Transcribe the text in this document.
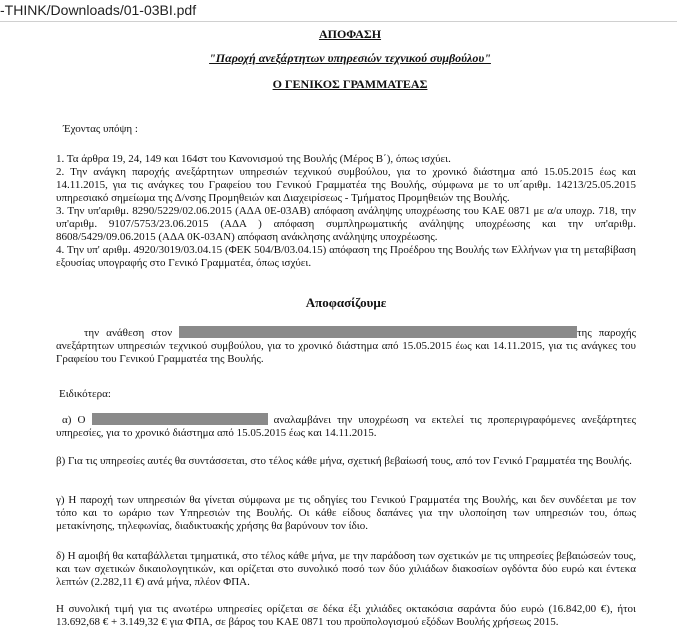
-THINK/Downloads/01-03BI.pdf
ΑΠΟΦΑΣΗ
"Παροχή ανεξάρτητων υπηρεσιών τεχνικού συμβούλου"
Ο ΓΕΝΙΚΟΣ ΓΡΑΜΜΑΤΕΑΣ
Έχοντας υπόψη :

1. Τα άρθρα 19, 24, 149 και 164στ του Κανονισμού της Βουλής (Μέρος Β΄), όπως ισχύει.

2. Την ανάγκη παροχής ανεξάρτητων υπηρεσιών τεχνικού συμβούλου, για το χρονικό διάστημα από 15.05.2015 έως και 14.11.2015, για τις ανάγκες του Γραφείου του Γενικού Γραμματέα της Βουλής, σύμφωνα με το υπ΄αριθμ. 14213/25.05.2015 υπηρεσιακό σημείωμα της Δ/νσης Προμηθειών και Διαχειρίσεως - Τμήματος Προμηθειών της Βουλής.

3. Την υπ'αριθμ. 8290/5229/02.06.2015 (ΑΔΑ 0Ε-03ΑΒ) απόφαση ανάληψης υποχρέωσης του ΚΑΕ 0871 με α/α υποχρ. 718, την υπ'αριθμ. 9107/5753/23.06.2015 (ΑΔΑ ) απόφαση συμπληρωματικής ανάληψης υποχρέωσης και την υπ'αριθμ. 8608/5429/09.06.2015 (ΑΔΑ 0Κ-03ΑΝ) απόφαση ανάκλησης ανάληψης υποχρέωσης.

4. Την υπ' αριθμ. 4920/3019/03.04.15 (ΦΕΚ 504/Β/03.04.15) απόφαση της Προέδρου της Βουλής των Ελλήνων για τη μεταβίβαση εξουσίας υπογραφής στο Γενικό Γραμματέα, όπως ισχύει.

Αποφασίζουμε
την ανάθεση στον	της παροχής ανεξάρτητων υπηρεσιών τεχνικού συμβούλου, για το χρονικό διάστημα από 15.05.2015 έως και 14.11.2015, για τις ανάγκες του Γραφείου του Γενικού Γραμματέα της Βουλής.
Ειδικότερα:
α) Ο	αναλαμβάνει την υποχρέωση να εκτελεί τις προπεριγραφόμενες ανεξάρτητες υπηρεσίες, για το χρονικό διάστημα από 15.05.2015 έως και 14.11.2015.
β) Για τις υπηρεσίες αυτές θα συντάσσεται, στο τέλος κάθε μήνα, σχετική βεβαίωσή τους, από τον Γενικό Γραμματέα της Βουλής.
γ) Η παροχή των υπηρεσιών θα γίνεται σύμφωνα με τις οδηγίες του Γενικού Γραμματέα της Βουλής, και δεν συνδέεται με τον τόπο και το ωράριο των Υπηρεσιών της Βουλής. Οι κάθε είδους δαπάνες για την υλοποίηση των υπηρεσιών του, όπως μετακίνησης, τηλεφωνίας, διαδικτυακής χρήσης θα βαρύνουν τον ίδιο.
δ) Η αμοιβή θα καταβάλλεται τμηματικά, στο τέλος κάθε μήνα, με την παράδοση των σχετικών με τις υπηρεσίες βεβαιώσεών τους, και των σχετικών δικαιολογητικών, και ορίζεται στο συνολικό ποσό των δύο χιλιάδων διακοσίων ογδόντα δύο ευρώ και έντεκα λεπτών (2.282,11 €) ανά μήνα, πλέον ΦΠΑ.
Η συνολική τιμή για τις ανωτέρω υπηρεσίες ορίζεται σε δέκα έξι χιλιάδες οκτακόσια σαράντα δύο ευρώ (16.842,00 €), ήτοι 13.692,68 € + 3.149,32 € για ΦΠΑ, σε βάρος του ΚΑΕ 0871 του προϋπολογισμού εξόδων Βουλής χρήσεως 2015.
